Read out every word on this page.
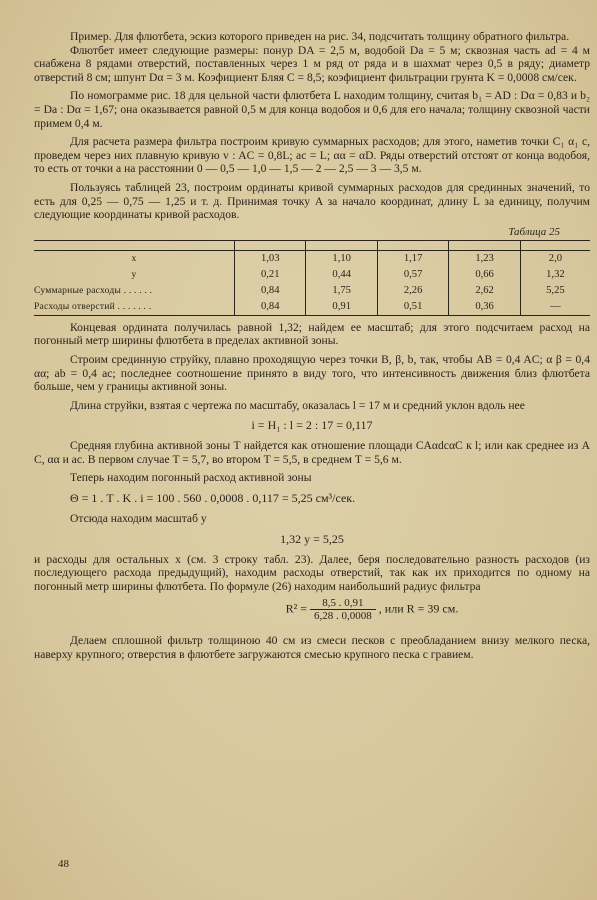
Пример. Для флютбета, эскиз которого приведен на рис. 34, подсчитать толщину обратного фильтра.

Флютбет имеет следующие размеры: понур DA = 2,5 м, водобой Da = 5 м; сквозная часть ad = 4 м снабжена 8 рядами отверстий, поставленных через 1 м ряд от ряда и в шахмат через 0,5 в ряду; диаметр отверстий 8 см; шпунт Dα = 3 м. Коэфициент Бляя C = 8,5; коэфициент фильтрации грунта K = 0,0008 см/сек.

По номограмме рис. 18 для цельной части флютбета L находим толщину, считая b₁ = AD : Dα = 0,83 и b₂ = Da : Dα = 1,67; она оказывается равной 0,5 м для конца водобоя и 0,6 для его начала; толщину сквозной части примем 0,4 м.

Для расчета размера фильтра построим кривую суммарных расходов; для этого, наметив точки C₁ α₁ c, проведем через них плавную кривую v : AC = 0,8L; ac = L; αα = αD. Ряды отверстий отстоят от конца водобоя, то есть от точки a на расстоянии 0 — 0,5 — 1,0 — 1,5 — 2 — 2,5 — 3 — 3,5 м.

Пользуясь таблицей 23, построим ординаты кривой суммарных расходов для срединных значений, то есть для 0,25 — 0,75 — 1,25 и т. д. Принимая точку A за начало координат, длину L за единицу, получим следующие координаты кривой расходов.

Таблица 25

x	1,03	1,10	1,17	1,23	2,0
y	0,21	0,44	0,57	0,66	1,32
Суммарные расходы . . . . . .	0,84	1,75	2,26	2,62	5,25
Расходы отверстий . . . . . . .	0,84	0,91	0,51	0,36	—

Концевая ордината получилась равной 1,32; найдем ее масштаб; для этого подсчитаем расход на погонный метр ширины флютбета в пределах активной зоны.

Строим срединную струйку, плавно проходящую через точки B, β, b, так, чтобы AB = 0,4 AC; α β = 0,4 αα; ab = 0,4 ac; последнее соотношение принято в виду того, что интенсивность движения близ флютбета больше, чем у границы активной зоны.

Длина струйки, взятая с чертежа по масштабу, оказалась l = 17 м и средний уклон вдоль нее

i = H₁ : l = 2 : 17 = 0,117

Средняя глубина активной зоны T найдется как отношение площади CAαdcαC к l; или как среднее из A C, αα и ac. В первом случае T = 5,7, во втором T = 5,5, в среднем T = 5,6 м.

Теперь находим погонный расход активной зоны

Θ = 1 . T . K . i = 100 . 560 . 0,0008 . 0,117 = 5,25 см³/сек.

Отсюда находим масштаб у

1,32 y = 5,25

и расходы для остальных x (см. 3 строку табл. 23). Далее, беря последовательно разность расходов (из последующего расхода предыдущий), находим расходы отверстий, так как их приходится по одному на погонный метр ширины флютбета. По формуле (26) находим наибольший радиус фильтра

$R^2 = \frac{8,5 . 0,91}{6,28 . 0,0008}$ , или R = 39 см.

Делаем сплошной фильтр толщиною 40 см из смеси песков с преобладанием внизу мелкого песка, наверху крупного; отверстия в флютбете загружаются смесью крупного песка с гравием.

48
